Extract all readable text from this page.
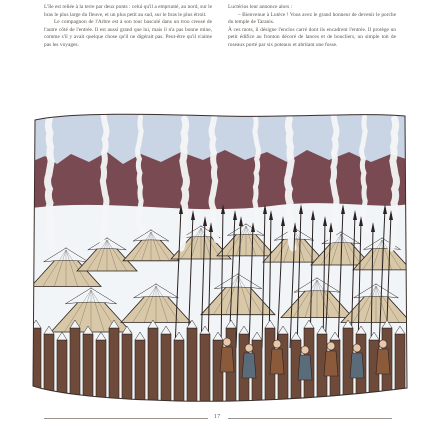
L'île est reliée à la terre par deux ponts : celui qu'il a emprunté, au nord, sur le bras le plus large du fleuve, et un plus petit au sud, sur le bras le plus étroit.

Le compagnon de l'Arbre est à son tour basculé dans un trou creusé de l'autre côté de l'entrée. Il est aussi grand que lui, mais il n'a pas bonne mine, comme s'il y avait quelque chose qu'il ne digérait pas. Peut-être qu'il n'aime pas les voyages.

Luctérios leur annonce alors :

– Bienvenue à Lutèce ! Vous avez le grand honneur de devenir le porche du temple de Taranis.

À ces mots, il désigne l'enclos carré dont ils encadrent l'entrée. Il protège un petit édifice au fronton décoré de lances et de boucliers, un simple toit de roseaux porté par six poteaux et abritant une fosse.

17
